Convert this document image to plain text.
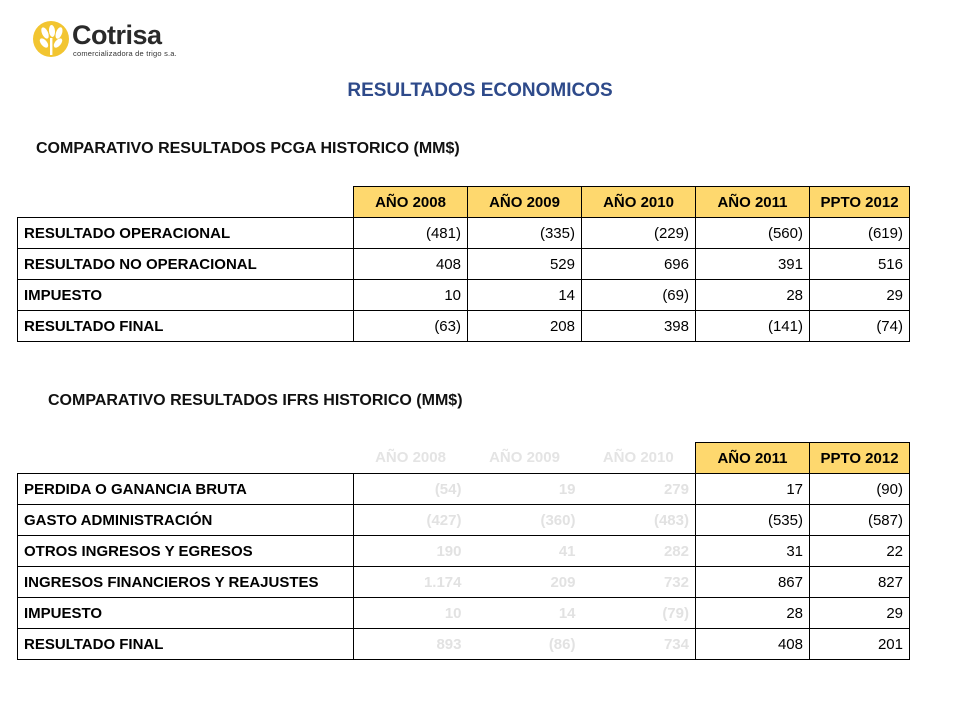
Cotrisa
comercializadora de trigo s.a.
RESULTADOS ECONOMICOS
COMPARATIVO RESULTADOS PCGA HISTORICO (MM$)
	AÑO 2008	AÑO 2009	AÑO 2010	AÑO 2011	PPTO 2012
RESULTADO OPERACIONAL	(481)	(335)	(229)	(560)	(619)
RESULTADO NO OPERACIONAL	408	529	696	391	516
IMPUESTO	10	14	(69)	28	29
RESULTADO FINAL	(63)	208	398	(141)	(74)
COMPARATIVO RESULTADOS IFRS HISTORICO (MM$)
	AÑO 2008	AÑO 2009	AÑO 2010	AÑO 2011	PPTO 2012
PERDIDA O GANANCIA BRUTA	(54)	19	279	17	(90)
GASTO ADMINISTRACIÓN	(427)	(360)	(483)	(535)	(587)
OTROS INGRESOS Y EGRESOS	190	41	282	31	22
INGRESOS FINANCIEROS Y REAJUSTES	1.174	209	732	867	827
IMPUESTO	10	14	(79)	28	29
RESULTADO FINAL	893	(86)	734	408	201
